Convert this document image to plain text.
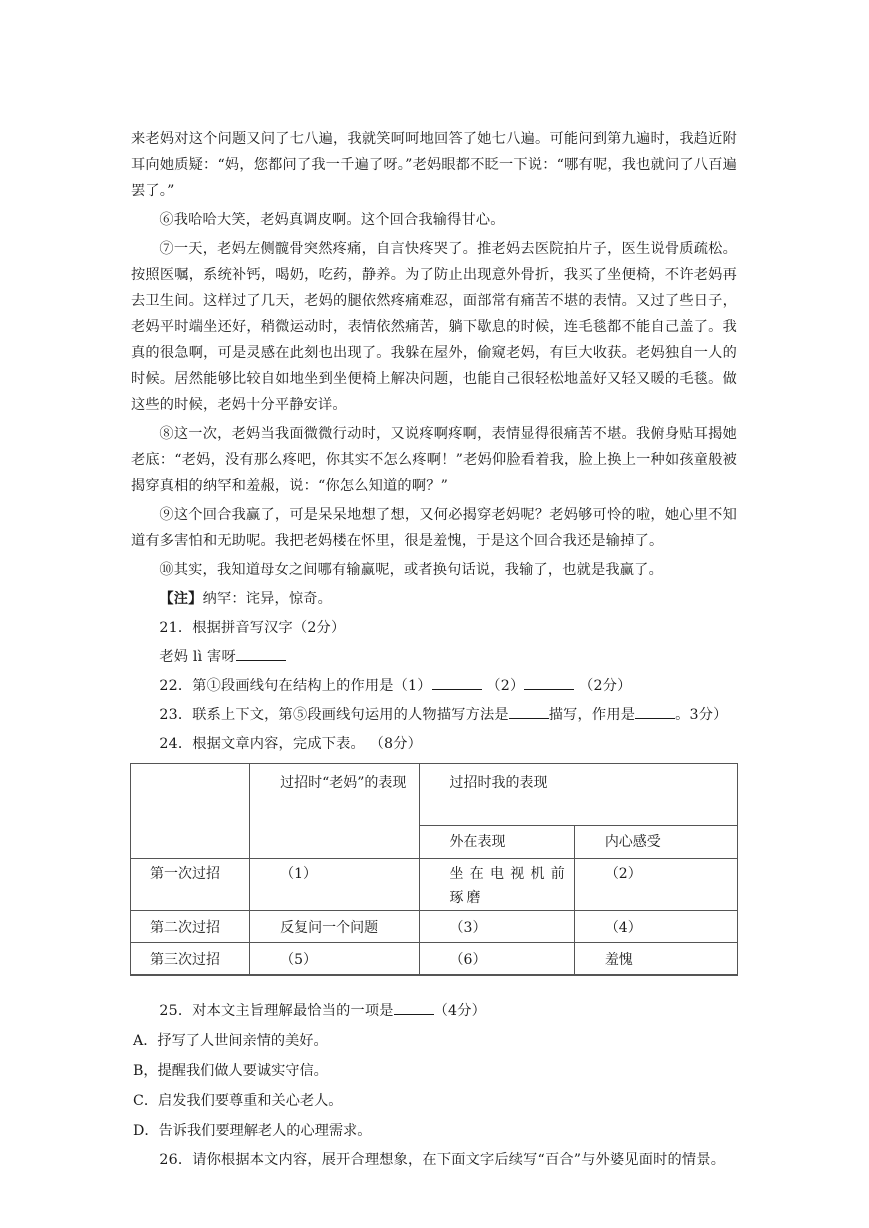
来老妈对这个问题又问了七八遍，我就笑呵呵地回答了她七八遍。可能问到第九遍时，我趋近附耳向她质疑：“妈，您都问了我一千遍了呀。”老妈眼都不眨一下说：“哪有呢，我也就问了八百遍罢了。”

⑥我哈哈大笑，老妈真调皮啊。这个回合我输得甘心。

⑦一天，老妈左侧髋骨突然疼痛，自言快疼哭了。推老妈去医院拍片子，医生说骨质疏松。按照医嘱，系统补钙，喝奶，吃药，静养。为了防止出现意外骨折，我买了坐便椅，不许老妈再去卫生间。这样过了几天，老妈的腿依然疼痛难忍，面部常有痛苦不堪的表情。又过了些日子，老妈平时端坐还好，稍微运动时，表情依然痛苦，躺下歇息的时候，连毛毯都不能自己盖了。我真的很急啊，可是灵感在此刻也出现了。我躲在屋外，偷窥老妈，有巨大收获。老妈独自一人的时候。居然能够比较自如地坐到坐便椅上解决问题，也能自己很轻松地盖好又轻又暖的毛毯。做这些的时候，老妈十分平静安详。

⑧这一次，老妈当我面微微行动时，又说疼啊疼啊，表情显得很痛苦不堪。我俯身贴耳揭她老底：“老妈，没有那么疼吧，你其实不怎么疼啊！”老妈仰脸看着我，脸上换上一种如孩童般被揭穿真相的纳罕和羞赧，说：“你怎么知道的啊？”

⑨这个回合我赢了，可是呆呆地想了想，又何必揭穿老妈呢？老妈够可怜的啦，她心里不知道有多害怕和无助呢。我把老妈楼在怀里，很是羞愧，于是这个回合我还是输掉了。

⑩其实，我知道母女之间哪有输赢呢，或者换句话说，我输了，也就是我赢了。

【注】纳罕：诧异，惊奇。

21．根据拼音写汉字（2分）

老妈 lì 害呀

22．第①段画线句在结构上的作用是（1）	（2）	（2分）

23．联系上下文，第⑤段画线句运用的人物描写方法是	描写，作用是	。3分）

24．根据文章内容，完成下表。 （8分）

	过招时“老妈”的表现	过招时我的表现	
		外在表现	内心感受
第一次过招	（1）	坐在电视机前琢磨	（2）
第二次过招	反复问一个问题	（3）	（4）
第三次过招	（5）	（6）	羞愧

25．对本文主旨理解最恰当的一项是	（4分）

A．抒写了人世间亲情的美好。

B，提醒我们做人要诚实守信。

C．启发我们要尊重和关心老人。

D．告诉我们要理解老人的心理需求。

26．请你根据本文内容，展开合理想象，在下面文字后续写“百合”与外婆见面时的情景。
